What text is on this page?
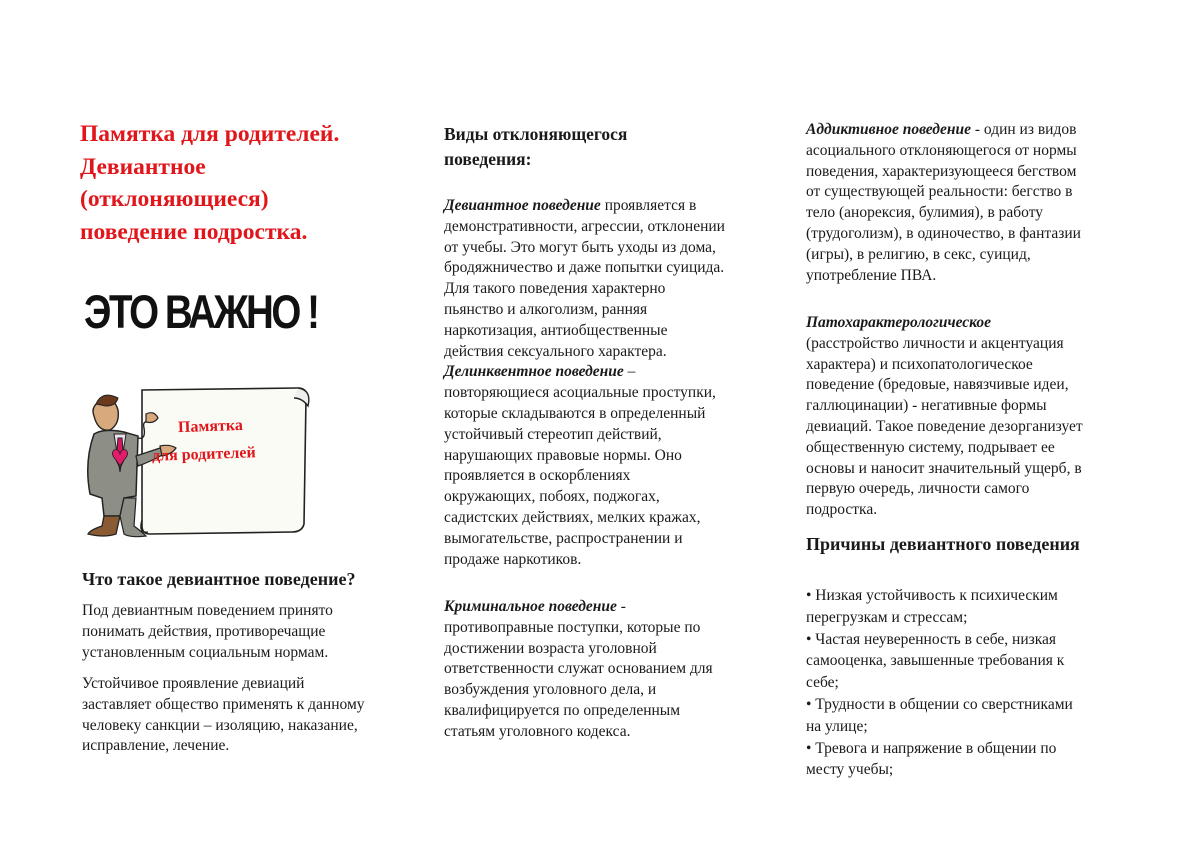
Памятка для родителей.
Девиантное
(отклоняющиеся)
поведение подростка.
ЭТО ВАЖНО !
Памятка
для родителей
Что такое девиантное поведение?

Под девиантным поведением принято
понимать действия, противоречащие
установленным социальным нормам.

Устойчивое проявление девиаций
заставляет общество применять к данному
человеку санкции – изоляцию, наказание,
исправление, лечение.

Виды отклоняющегося
поведения:

Девиантное поведение проявляется в
демонстративности, агрессии, отклонении
от учебы. Это могут быть уходы из дома,
бродяжничество и даже попытки суицида.
Для такого поведения характерно
пьянство и алкоголизм, ранняя
наркотизация, антиобщественные
действия сексуального характера.
Делинквентное поведение –
повторяющиеся асоциальные проступки,
которые складываются в определенный
устойчивый стереотип действий,
нарушающих правовые нормы. Оно
проявляется в оскорблениях
окружающих, побоях, поджогах,
садистских действиях, мелких кражах,
вымогательстве, распространении и
продаже наркотиков.

Криминальное поведение -
противоправные поступки, которые по
достижении возраста уголовной
ответственности служат основанием для
возбуждения уголовного дела, и
квалифицируется по определенным
статьям уголовного кодекса.

Аддиктивное поведение - один из видов
асоциального отклоняющегося от нормы
поведения, характеризующееся бегством
от существующей реальности: бегство в
тело (анорексия, булимия), в работу
(трудоголизм), в одиночество, в фантазии
(игры), в религию, в секс, суицид,
употребление ПВА.

Патохарактерологическое
(расстройство личности и акцентуация
характера) и психопатологическое
поведение (бредовые, навязчивые идеи,
галлюцинации) - негативные формы
девиаций. Такое поведение дезорганизует
общественную систему, подрывает ее
основы и наносит значительный ущерб, в
первую очередь, личности самого
подростка.

Причины девиантного поведения
• Низкая устойчивость к психическим
перегрузкам и стрессам;
• Частая неуверенность в себе, низкая
самооценка, завышенные требования к
себе;
• Трудности в общении со сверстниками
на улице;
• Тревога и напряжение в общении по
месту учебы;
